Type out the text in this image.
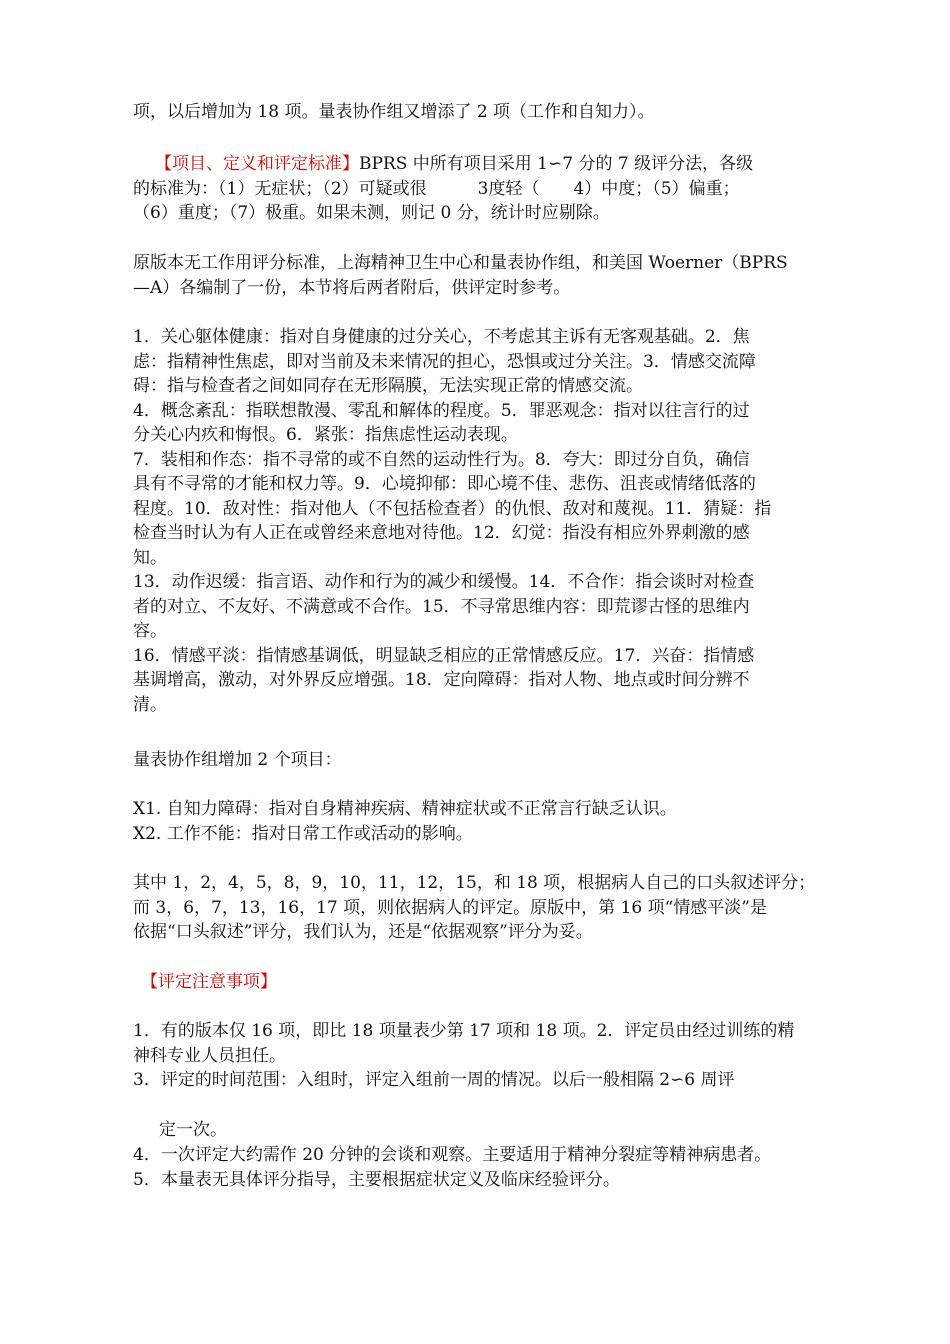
项，以后增加为 18 项。量表协作组又增添了 2 项（工作和自知力）。
【项目、定义和评定标准】BPRS 中所有项目采用 1∽7 分的 7 级评分法，各级
的标准为：（1）无症状；（2）可疑或很　　　3度轻（　　4）中度；（5）偏重；
（6）重度；（7）极重。如果未测，则记 0 分，统计时应剔除。
原版本无工作用评分标准，上海精神卫生中心和量表协作组，和美国 Woerner（BPRS
—A）各编制了一份，本节将后两者附后，供评定时参考。
1．关心躯体健康：指对自身健康的过分关心，不考虑其主诉有无客观基础。2．焦
虑：指精神性焦虑，即对当前及未来情况的担心，恐惧或过分关注。3．情感交流障
碍：指与检查者之间如同存在无形隔膜，无法实现正常的情感交流。
4．概念紊乱：指联想散漫、零乱和解体的程度。5．罪恶观念：指对以往言行的过
分关心内疚和悔恨。6．紧张：指焦虑性运动表现。
7．装相和作态：指不寻常的或不自然的运动性行为。8．夸大：即过分自负，确信
具有不寻常的才能和权力等。9．心境抑郁：即心境不佳、悲伤、沮丧或情绪低落的
程度。10．敌对性：指对他人（不包括检查者）的仇恨、敌对和蔑视。11．猜疑：指
检查当时认为有人正在或曾经来意地对待他。12．幻觉：指没有相应外界刺激的感
知。
13．动作迟缓：指言语、动作和行为的减少和缓慢。14．不合作：指会谈时对检查
者的对立、不友好、不满意或不合作。15．不寻常思维内容：即荒谬古怪的思维内
容。
16．情感平淡：指情感基调低，明显缺乏相应的正常情感反应。17．兴奋：指情感
基调增高，激动，对外界反应增强。18．定向障碍：指对人物、地点或时间分辨不
清。
量表协作组增加 2 个项目：
X1. 自知力障碍：指对自身精神疾病、精神症状或不正常言行缺乏认识。
X2. 工作不能：指对日常工作或活动的影响。
其中 1，2，4，5，8，9，10，11，12，15，和 18 项，根据病人自己的口头叙述评分；
而 3，6，7，13，16，17 项，则依据病人的评定。原版中，第 16 项“情感平淡”是
依据“口头叙述”评分，我们认为，还是“依据观察”评分为妥。
【评定注意事项】
1．有的版本仅 16 项，即比 18 项量表少第 17 项和 18 项。2．评定员由经过训练的精
神科专业人员担任。
3．评定的时间范围：入组时，评定入组前一周的情况。以后一般相隔 2∽6 周评
定一次。
4．一次评定大约需作 20 分钟的会谈和观察。主要适用于精神分裂症等精神病患者。
5．本量表无具体评分指导，主要根据症状定义及临床经验评分。
